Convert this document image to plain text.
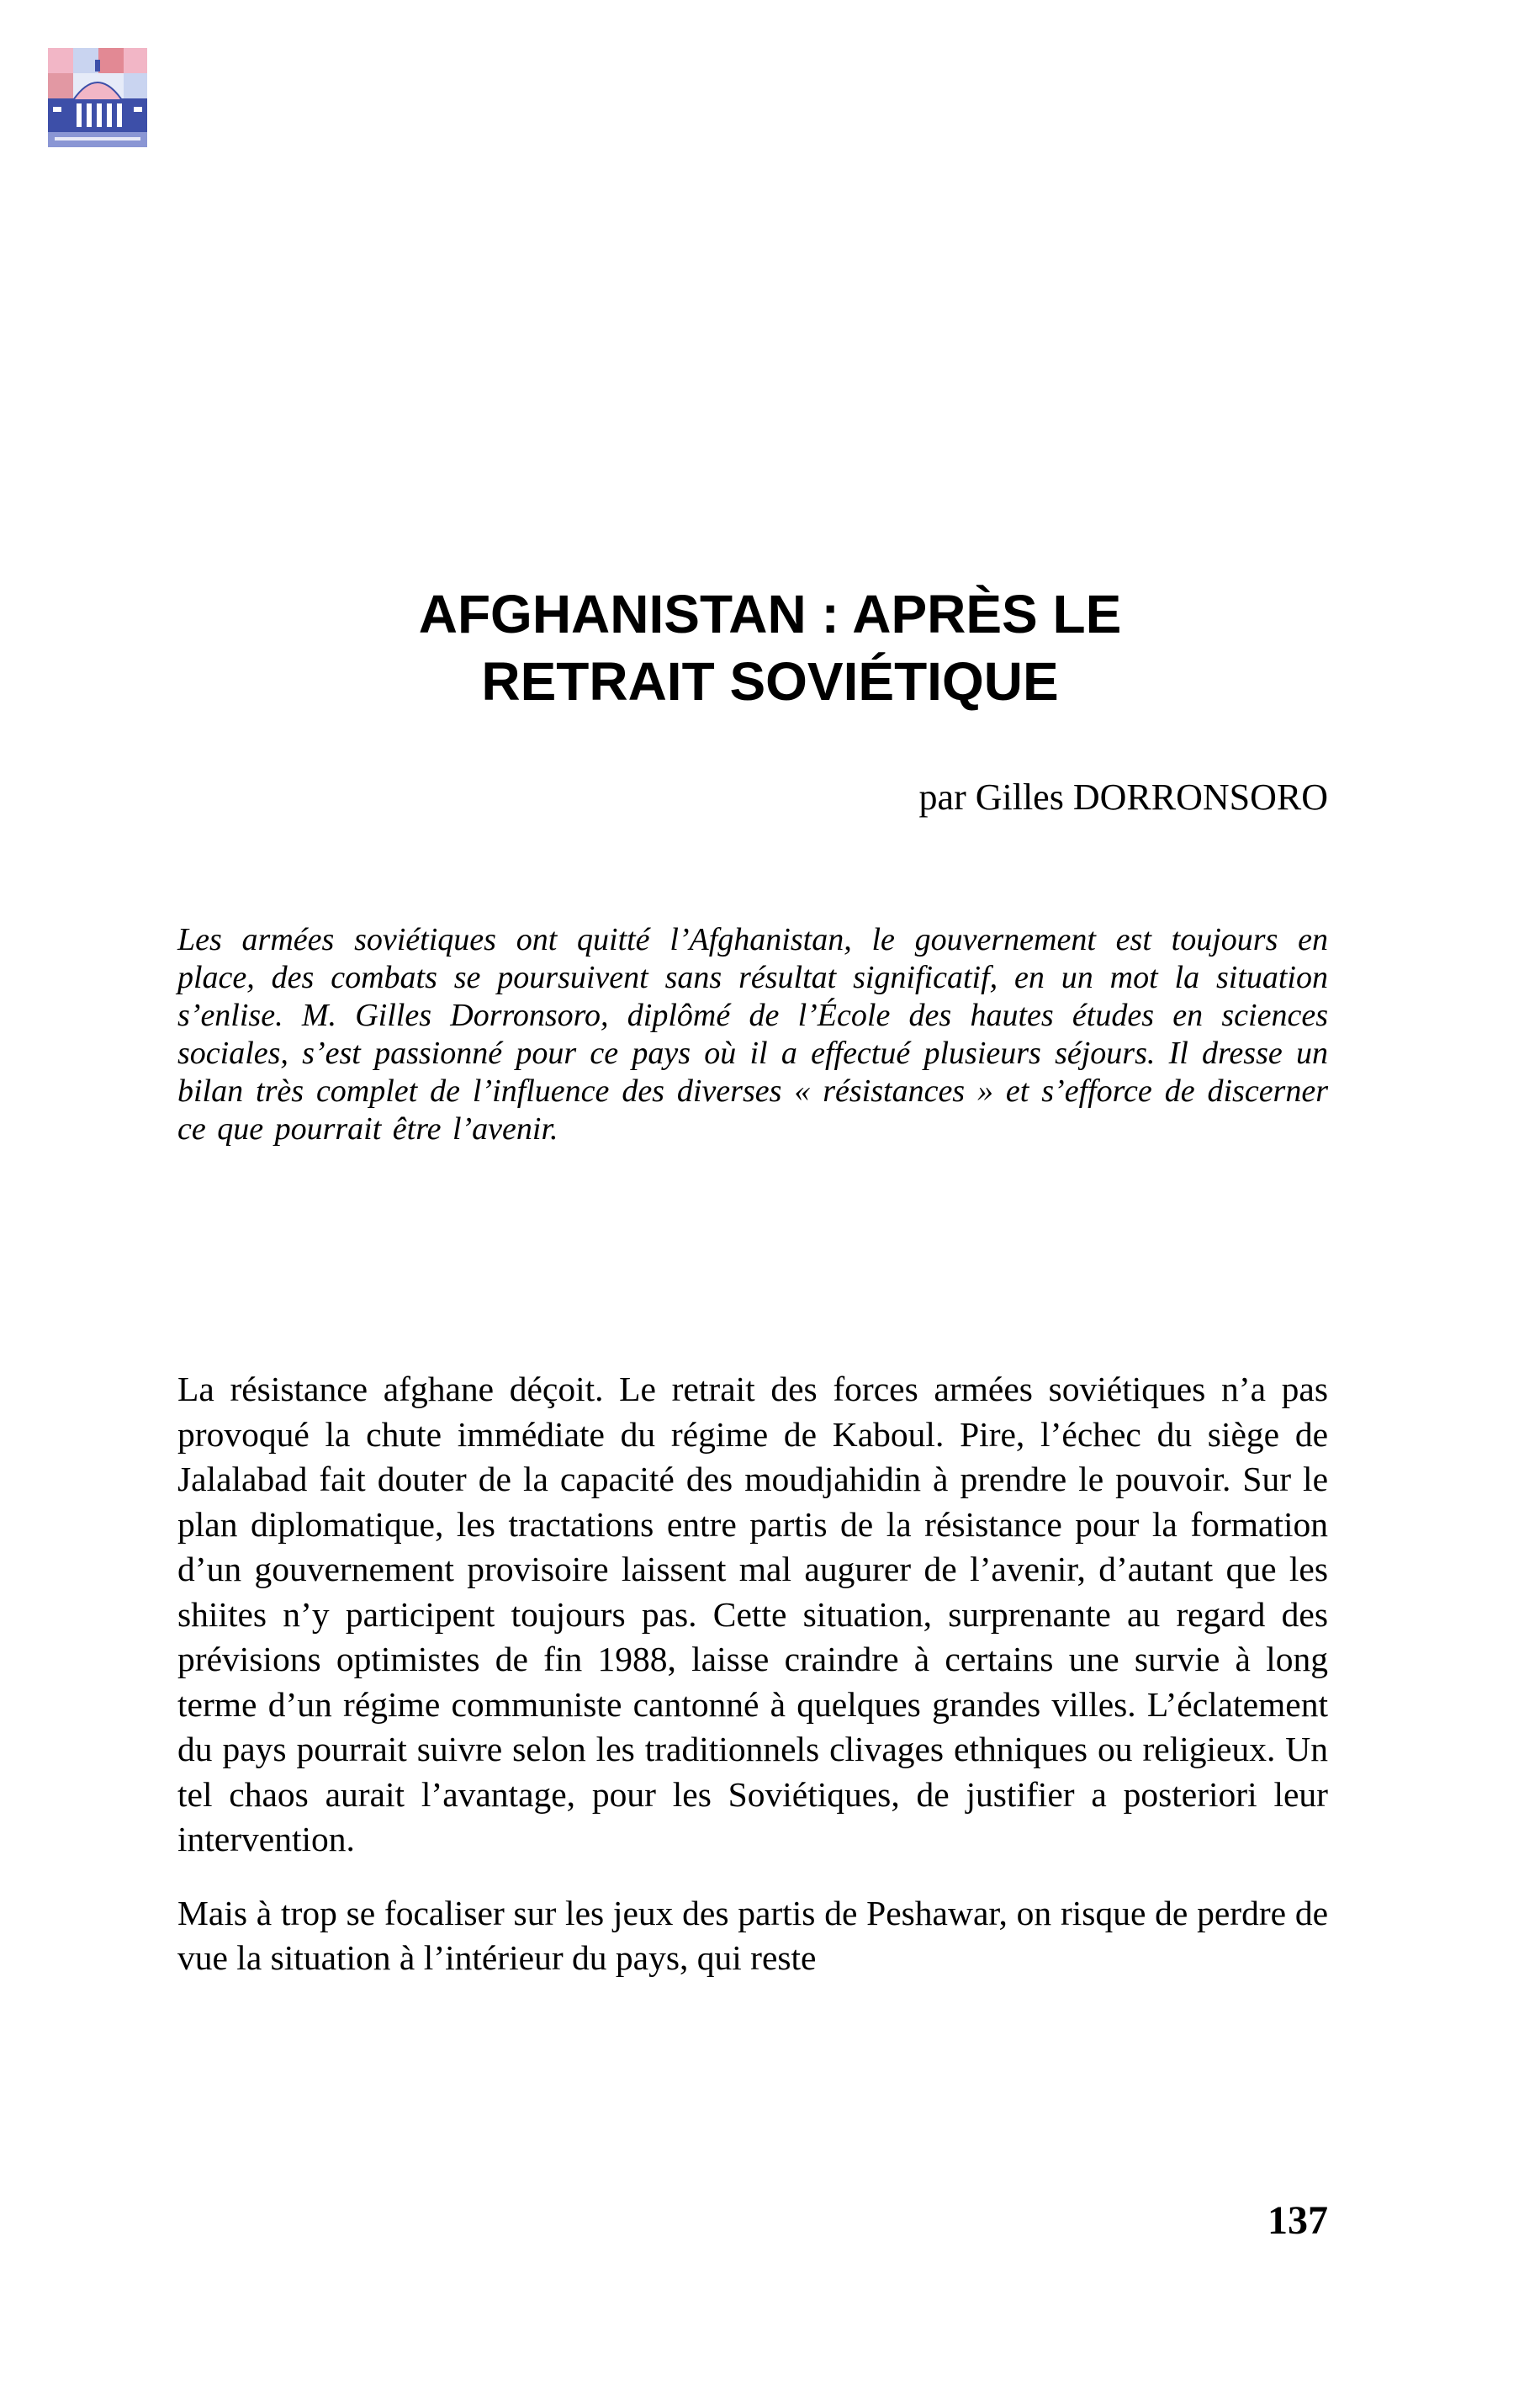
AFGHANISTAN : APRÈS LE
RETRAIT SOVIÉTIQUE

par Gilles DORRONSORO

Les armées soviétiques ont quitté l’Afghanistan, le gouvernement est toujours en place, des combats se poursuivent sans résultat significatif, en un mot la situation s’enlise. M. Gilles Dorronsoro, diplômé de l’École des hautes études en sciences sociales, s’est passionné pour ce pays où il a effectué plusieurs séjours. Il dresse un bilan très complet de l’influence des diverses « résistances » et s’efforce de discerner ce que pourrait être l’avenir.

La résistance afghane déçoit. Le retrait des forces armées soviétiques n’a pas provoqué la chute immédiate du régime de Kaboul. Pire, l’échec du siège de Jalalabad fait douter de la capacité des moudjahidin à prendre le pouvoir. Sur le plan diplomatique, les tractations entre partis de la résistance pour la formation d’un gouvernement provisoire laissent mal augurer de l’avenir, d’autant que les shiites n’y participent toujours pas. Cette situation, surprenante au regard des prévisions optimistes de fin 1988, laisse craindre à certains une survie à long terme d’un régime communiste cantonné à quelques grandes villes. L’éclatement du pays pourrait suivre selon les traditionnels clivages ethniques ou religieux. Un tel chaos aurait l’avantage, pour les Soviétiques, de justifier a posteriori leur intervention.

Mais à trop se focaliser sur les jeux des partis de Peshawar, on risque de perdre de vue la situation à l’intérieur du pays, qui reste

137
